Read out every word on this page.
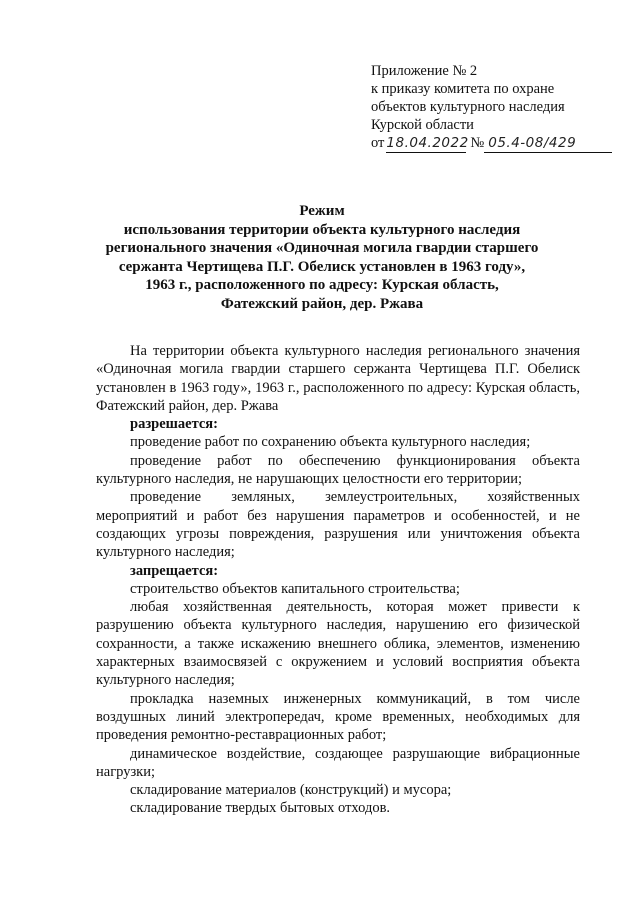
Приложение № 2
к приказу комитета по охране
объектов культурного наследия
Курской области
от 18.04.2022 № 05.4-08/429
Режим
использования территории объекта культурного наследия
регионального значения «Одиночная могила гвардии старшего
сержанта Чертищева П.Г. Обелиск установлен в 1963 году»,
1963 г., расположенного по адресу: Курская область,
Фатежский район, дер. Ржава

На территории объекта культурного наследия регионального значения «Одиночная могила гвардии старшего сержанта Чертищева П.Г. Обелиск установлен в 1963 году», 1963 г., расположенного по адресу: Курская область, Фатежский район, дер. Ржава

разрешается:

проведение работ по сохранению объекта культурного наследия;

проведение работ по обеспечению функционирования объекта культурного наследия, не нарушающих целостности его территории;

проведение земляных, землеустроительных, хозяйственных мероприятий и работ без нарушения параметров и особенностей, и не создающих угрозы повреждения, разрушения или уничтожения объекта культурного наследия;

запрещается:

строительство объектов капитального строительства;

любая хозяйственная деятельность, которая может привести к разрушению объекта культурного наследия, нарушению его физической сохранности, а также искажению внешнего облика, элементов, изменению характерных взаимосвязей с окружением и условий восприятия объекта культурного наследия;

прокладка наземных инженерных коммуникаций, в том числе воздушных линий электропередач, кроме временных, необходимых для проведения ремонтно-реставрационных работ;

динамическое воздействие, создающее разрушающие вибрационные нагрузки;

складирование материалов (конструкций) и мусора;

складирование твердых бытовых отходов.
